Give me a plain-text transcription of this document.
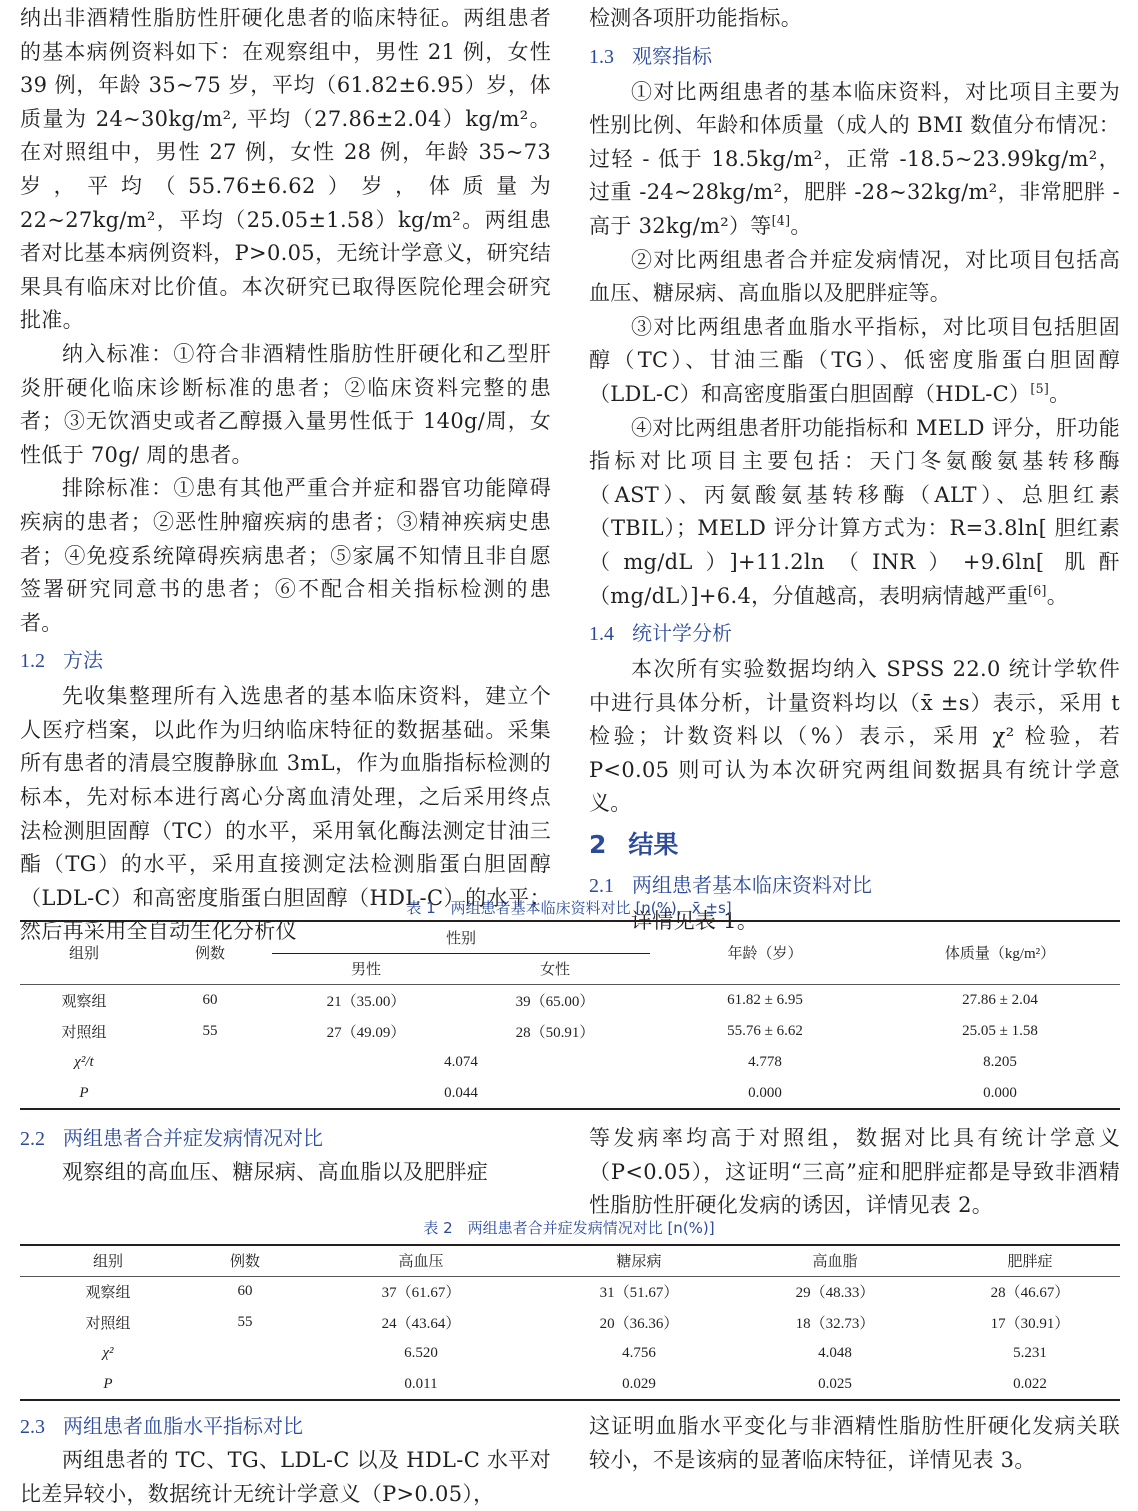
纳出非酒精性脂肪性肝硬化患者的临床特征。两组患者的基本病例资料如下：在观察组中，男性 21 例，女性 39 例，年龄 35~75 岁，平均（61.82±6.95）岁，体质量为 24~30kg/m², 平均（27.86±2.04）kg/m²。在对照组中，男性 27 例，女性 28 例，年龄 35~73 岁，平均（55.76±6.62）岁，体质量为 22~27kg/m²，平均（25.05±1.58）kg/m²。两组患者对比基本病例资料，P>0.05，无统计学意义，研究结果具有临床对比价值。本次研究已取得医院伦理会研究批准。

纳入标准：①符合非酒精性脂肪性肝硬化和乙型肝炎肝硬化临床诊断标准的患者；②临床资料完整的患者；③无饮酒史或者乙醇摄入量男性低于 140g/周，女性低于 70g/ 周的患者。

排除标准：①患有其他严重合并症和器官功能障碍疾病的患者；②恶性肿瘤疾病的患者；③精神疾病史患者；④免疫系统障碍疾病患者；⑤家属不知情且非自愿签署研究同意书的患者；⑥不配合相关指标检测的患者。

1.2 方法

先收集整理所有入选患者的基本临床资料，建立个人医疗档案，以此作为归纳临床特征的数据基础。采集所有患者的清晨空腹静脉血 3mL，作为血脂指标检测的标本，先对标本进行离心分离血清处理，之后采用终点法检测胆固醇（TC）的水平，采用氧化酶法测定甘油三酯（TG）的水平，采用直接测定法检测脂蛋白胆固醇（LDL-C）和高密度脂蛋白胆固醇（HDL-C）的水平；然后再采用全自动生化分析仪

检测各项肝功能指标。

1.3 观察指标

①对比两组患者的基本临床资料，对比项目主要为性别比例、年龄和体质量（成人的 BMI 数值分布情况：过轻 - 低于 18.5kg/m²，正常 -18.5~23.99kg/m²，过重 -24~28kg/m²，肥胖 -28~32kg/m²，非常肥胖 - 高于 32kg/m²）等[4]。

②对比两组患者合并症发病情况，对比项目包括高血压、糖尿病、高血脂以及肥胖症等。

③对比两组患者血脂水平指标，对比项目包括胆固醇（TC）、甘油三酯（TG）、低密度脂蛋白胆固醇（LDL-C）和高密度脂蛋白胆固醇（HDL-C）[5]。

④对比两组患者肝功能指标和 MELD 评分，肝功能指标对比项目主要包括：天门冬氨酸氨基转移酶（AST）、丙氨酸氨基转移酶（ALT）、总胆红素（TBIL）；MELD 评分计算方式为：R=3.8ln[ 胆红素（mg/dL）]+11.2ln（INR）+9.6ln[ 肌酐（mg/dL）]+6.4，分值越高，表明病情越严重[6]。

1.4 统计学分析

本次所有实验数据均纳入 SPSS 22.0 统计学软件中进行具体分析，计量资料均以（x̄ ±s）表示，采用 t 检验；计数资料以（%）表示，采用 χ² 检验，若 P<0.05 则可认为本次研究两组间数据具有统计学意义。

2 结果
2.1 两组患者基本临床资料对比

详情见表 1。

表 1　两组患者基本临床资料对比 [n(%)，x̄ ±s]
组别	例数	性别		年龄（岁）	体质量（kg/m²）
		男性	女性		
观察组	60	21（35.00）	39（65.00）	61.82 ± 6.95	27.86 ± 2.04
对照组	55	27（49.09）	28（50.91）	55.76 ± 6.62	25.05 ± 1.58
χ²/t		4.074		4.778	8.205
P		0.044		0.000	0.000
2.2 两组患者合并症发病情况对比

观察组的高血压、糖尿病、高血脂以及肥胖症

等发病率均高于对照组，数据对比具有统计学意义（P<0.05），这证明“三高”症和肥胖症都是导致非酒精性脂肪性肝硬化发病的诱因，详情见表 2。

表 2　两组患者合并症发病情况对比 [n(%)]
组别	例数	高血压	糖尿病	高血脂	肥胖症
观察组	60	37（61.67）	31（51.67）	29（48.33）	28（46.67）
对照组	55	24（43.64）	20（36.36）	18（32.73）	17（30.91）
χ²		6.520	4.756	4.048	5.231
P		0.011	0.029	0.025	0.022
2.3 两组患者血脂水平指标对比

两组患者的 TC、TG、LDL-C 以及 HDL-C 水平对比差异较小，数据统计无统计学意义（P>0.05），

这证明血脂水平变化与非酒精性脂肪性肝硬化发病关联较小，不是该病的显著临床特征，详情见表 3。
